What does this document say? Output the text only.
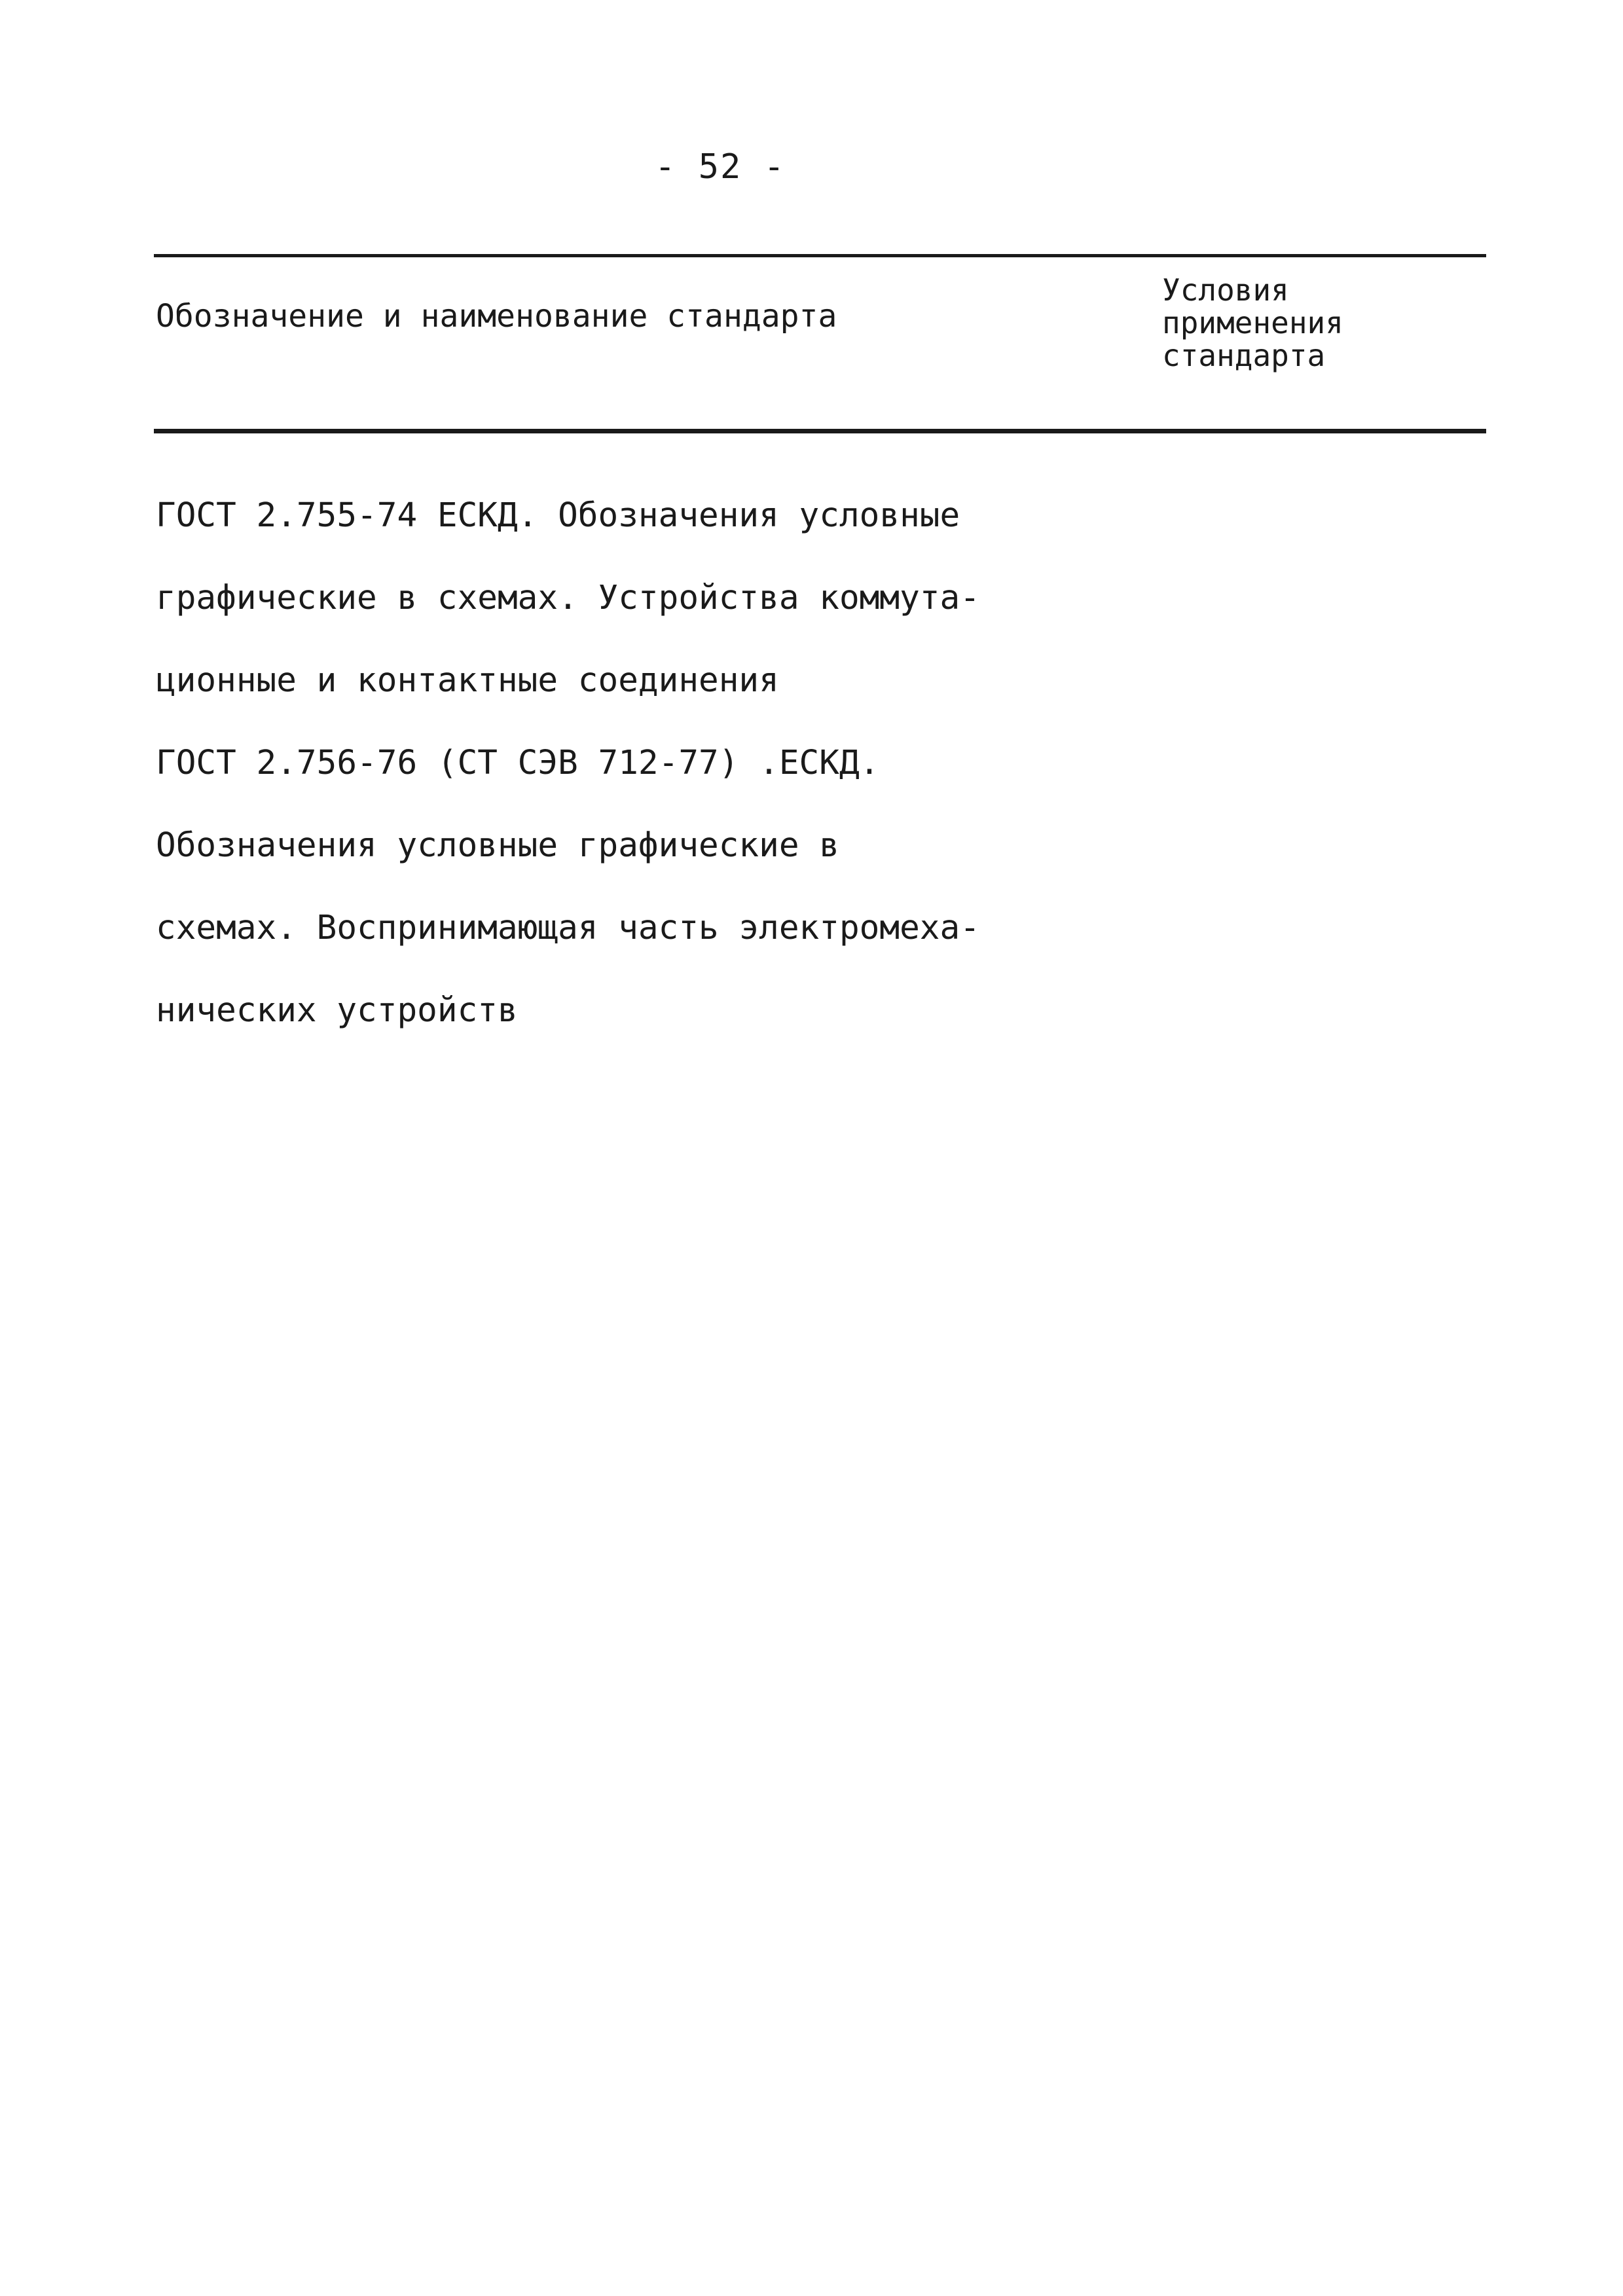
- 52 -
Обозначение и наименование стандарта
Условия
применения
стандарта
ГОСТ 2.755-74 ЕСКД. Обозначения условные
графические в схемах. Устройства коммута-
ционные и контактные соединения
ГОСТ 2.756-76 (СТ СЭВ 712-77) .ЕСКД.
Обозначения условные графические в
схемах. Воспринимающая часть электромеха-
нических устройств
